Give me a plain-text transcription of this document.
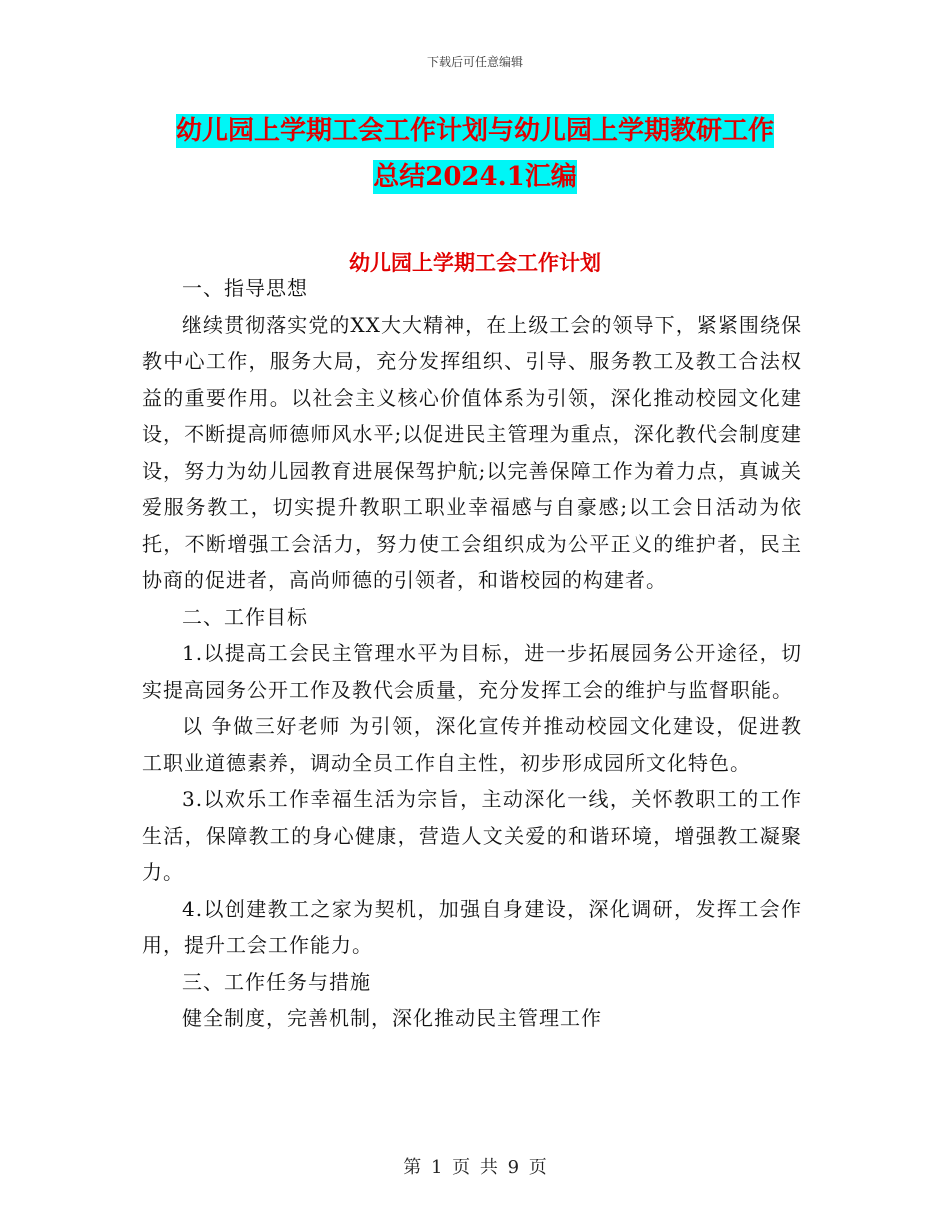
下载后可任意编辑
幼儿园上学期工会工作计划与幼儿园上学期教研工作
总结2024.1汇编
幼儿园上学期工会工作计划

一、指导思想

继续贯彻落实党的XX大大精神，在上级工会的领导下，紧紧围绕保教中心工作，服务大局，充分发挥组织、引导、服务教工及教工合法权益的重要作用。以社会主义核心价值体系为引领，深化推动校园文化建设，不断提高师德师风水平;以促进民主管理为重点，深化教代会制度建设，努力为幼儿园教育进展保驾护航;以完善保障工作为着力点，真诚关爱服务教工，切实提升教职工职业幸福感与自豪感;以工会日活动为依托，不断增强工会活力，努力使工会组织成为公平正义的维护者，民主协商的促进者，高尚师德的引领者，和谐校园的构建者。

二、工作目标

1.以提高工会民主管理水平为目标，进一步拓展园务公开途径，切实提高园务公开工作及教代会质量，充分发挥工会的维护与监督职能。

以 争做三好老师 为引领，深化宣传并推动校园文化建设，促进教工职业道德素养，调动全员工作自主性，初步形成园所文化特色。

3.以欢乐工作幸福生活为宗旨，主动深化一线，关怀教职工的工作生活，保障教工的身心健康，营造人文关爱的和谐环境，增强教工凝聚力。

4.以创建教工之家为契机，加强自身建设，深化调研，发挥工会作用，提升工会工作能力。

三、工作任务与措施

健全制度，完善机制，深化推动民主管理工作

第 1 页 共 9 页
